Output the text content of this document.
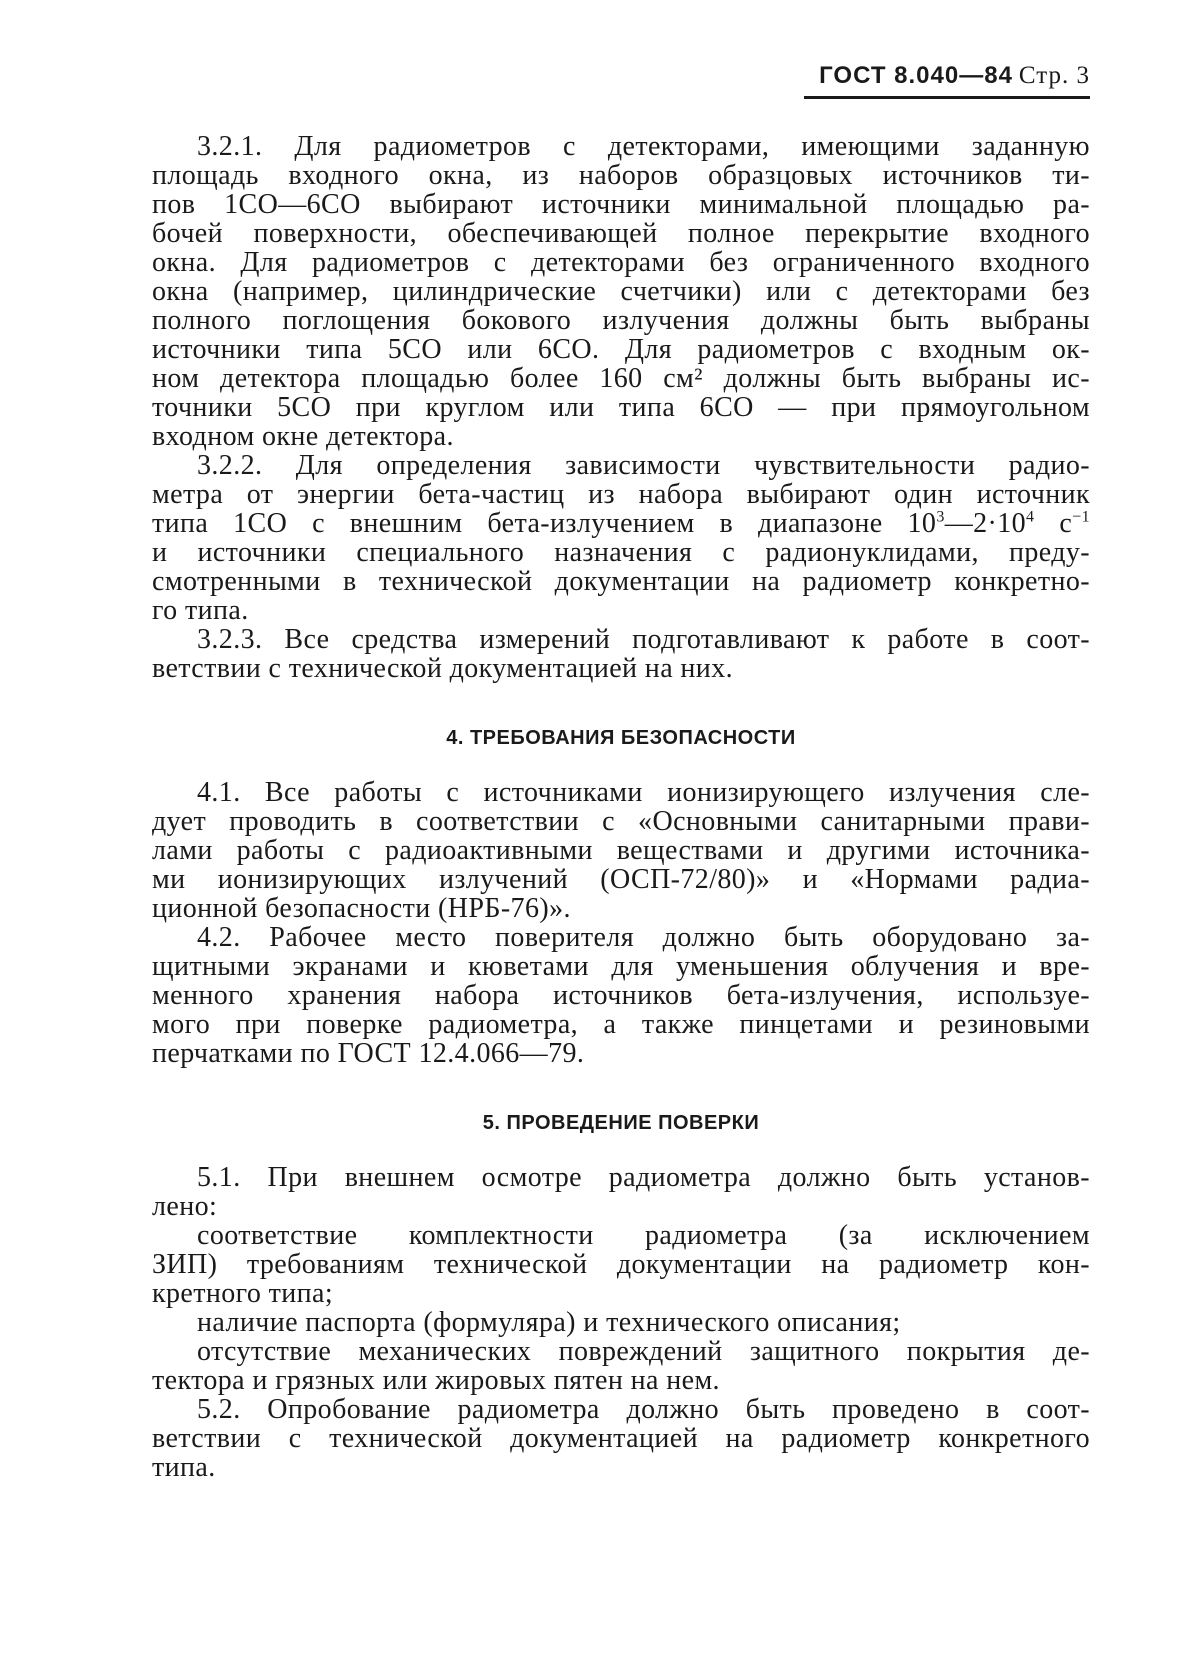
ГОСТ 8.040—84 Стр. 3

3.2.1. Для радиометров с детекторами, имеющими заданную
площадь входного окна, из наборов образцовых источников ти-
пов 1СО—6СО выбирают источники минимальной площадью ра-
бочей поверхности, обеспечивающей полное перекрытие входного
окна. Для радиометров с детекторами без ограниченного входного
окна (например, цилиндрические счетчики) или с детекторами без
полного поглощения бокового излучения должны быть выбраны
источники типа 5СО или 6СО. Для радиометров с входным ок-
ном детектора площадью более 160 см² должны быть выбраны ис-
точники 5СО при круглом или типа 6СО — при прямоугольном
входном окне детектора.

3.2.2. Для определения зависимости чувствительности радио-
метра от энергии бета-частиц из набора выбирают один источник
типа 1СО с внешним бета-излучением в диапазоне $10^3—2\cdot 10^4$ $с^{-1}$
и источники специального назначения с радионуклидами, преду-
смотренными в технической документации на радиометр конкретно-
го типа.

3.2.3. Все средства измерений подготавливают к работе в соот-
ветствии с технической документацией на них.

4. ТРЕБОВАНИЯ БЕЗОПАСНОСТИ

4.1. Все работы с источниками ионизирующего излучения сле-
дует проводить в соответствии с «Основными санитарными прави-
лами работы с радиоактивными веществами и другими источника-
ми ионизирующих излучений (ОСП-72/80)» и «Нормами радиа-
ционной безопасности (НРБ-76)».

4.2. Рабочее место поверителя должно быть оборудовано за-
щитными экранами и кюветами для уменьшения облучения и вре-
менного хранения набора источников бета-излучения, используе-
мого при поверке радиометра, а также пинцетами и резиновыми
перчатками по ГОСТ 12.4.066—79.

5. ПРОВЕДЕНИЕ ПОВЕРКИ

5.1. При внешнем осмотре радиометра должно быть установ-
лено:

соответствие комплектности радиометра (за исключением
ЗИП) требованиям технической документации на радиометр кон-
кретного типа;

наличие паспорта (формуляра) и технического описания;

отсутствие механических повреждений защитного покрытия де-
тектора и грязных или жировых пятен на нем.

5.2. Опробование радиометра должно быть проведено в соот-
ветствии с технической документацией на радиометр конкретного
типа.
